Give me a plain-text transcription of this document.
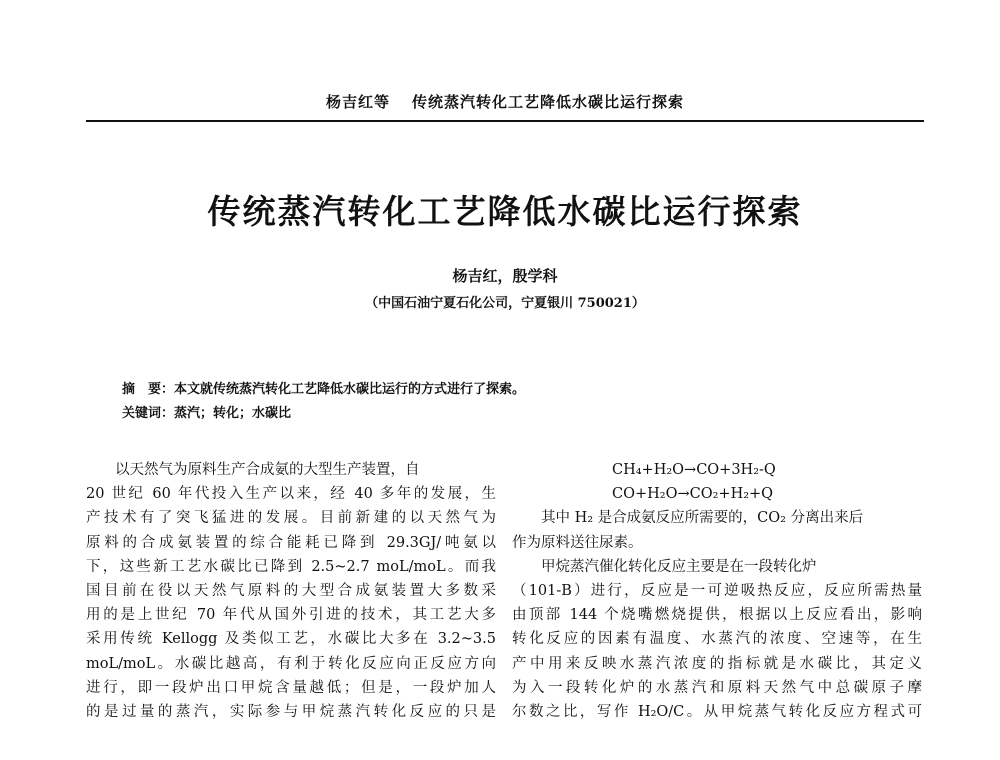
杨吉红等 传统蒸汽转化工艺降低水碳比运行探索
传统蒸汽转化工艺降低水碳比运行探索
杨吉红，殷学科
（中国石油宁夏石化公司，宁夏银川 750021）
摘　要：本文就传统蒸汽转化工艺降低水碳比运行的方式进行了探索。
关键词：蒸汽；转化；水碳比
以天然气为原料生产合成氨的大型生产装置，自
20 世纪 60 年代投入生产以来，经 40 多年的发展，生
产技术有了突飞猛进的发展。目前新建的以天然气为
原料的合成氨装置的综合能耗已降到 29.3GJ/吨氨以
下，这些新工艺水碳比已降到 2.5~2.7 moL/moL。而我
国目前在役以天然气原料的大型合成氨装置大多数采
用的是上世纪 70 年代从国外引进的技术，其工艺大多
采用传统 Kellogg 及类似工艺，水碳比大多在 3.2~3.5
moL/moL。水碳比越高，有利于转化反应向正反应方向
进行，即一段炉出口甲烷含量越低；但是，一段炉加人
的是过量的蒸汽，实际参与甲烷蒸汽转化反应的只是
CH₄+H₂O→CO+3H₂-Q
CO+H₂O→CO₂+H₂+Q
其中 H₂ 是合成氨反应所需要的，CO₂ 分离出来后
作为原料送往尿素。
甲烷蒸汽催化转化反应主要是在一段转化炉
（101-B）进行，反应是一可逆吸热反应，反应所需热量
由顶部 144 个烧嘴燃烧提供，根据以上反应看出，影响
转化反应的因素有温度、水蒸汽的浓度、空速等，在生
产中用来反映水蒸汽浓度的指标就是水碳比，其定义
为入一段转化炉的水蒸汽和原料天然气中总碳原子摩
尔数之比，写作 H₂O/C。从甲烷蒸气转化反应方程式可
